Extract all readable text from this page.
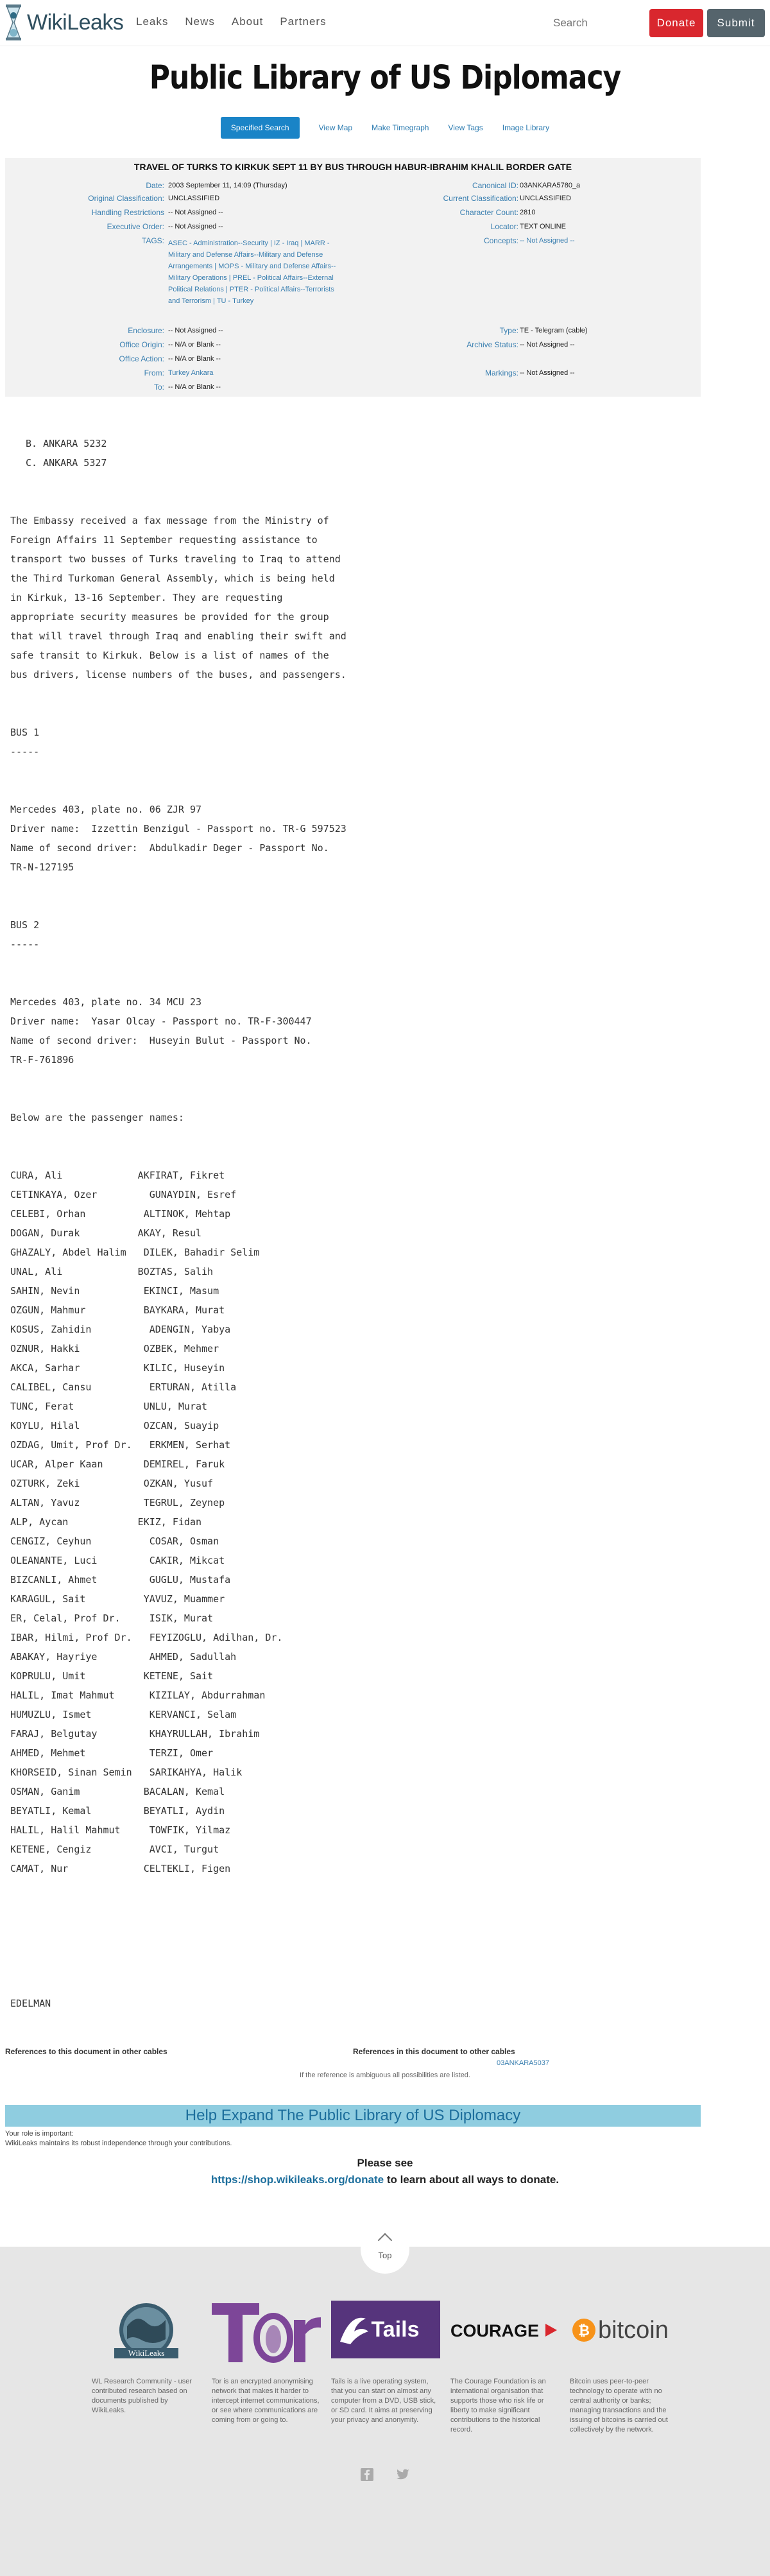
WikiLeaks Leaks News About Partners
Search	Donate	Submit
Public Library of US Diplomacy
Specified Search	View Map	Make Timegraph	View Tags	Image Library
TRAVEL OF TURKS TO KIRKUK SEPT 11 BY BUS THROUGH HABUR-IBRAHIM KHALIL BORDER GATE
Date: 2003 September 11, 14:09 (Thursday)
Original Classification: UNCLASSIFIED
Handling Restrictions -- Not Assigned --
Executive Order: -- Not Assigned --
TAGS: ASEC - Administration--Security | IZ - Iraq | MARR - Military and Defense Affairs--Military and Defense Arrangements | MOPS - Military and Defense Affairs--Military Operations | PREL - Political Affairs--External Political Relations | PTER - Political Affairs--Terrorists and Terrorism | TU - Turkey
Enclosure: -- Not Assigned --
Office Origin: -- N/A or Blank --
Office Action: -- N/A or Blank --
From: Turkey Ankara
To: -- N/A or Blank --
Canonical ID: 03ANKARA5780_a
Current Classification: UNCLASSIFIED
Character Count: 2810
Locator: TEXT ONLINE
Concepts: -- Not Assigned --
Type: TE - Telegram (cable)
Archive Status: -- Not Assigned --
Markings: -- Not Assigned --
B. ANKARA 5232
C. ANKARA 5327
The Embassy received a fax message from the Ministry of Foreign Affairs 11 September requesting assistance to transport two busses of Turks traveling to Iraq to attend the Third Turkoman General Assembly, which is being held in Kirkuk, 13-16 September. They are requesting appropriate security measures be provided for the group that will travel through Iraq and enabling their swift and safe transit to Kirkuk. Below is a list of names of the bus drivers, license numbers of the buses, and passengers.
BUS 1
-----
Mercedes 403, plate no. 06 ZJR 97
Driver name:  Izzettin Benzigul - Passport no. TR-G 597523
Name of second driver:  Abdulkadir Deger - Passport No.
TR-N-127195
BUS 2
-----
Mercedes 403, plate no. 34 MCU 23
Driver name:  Yasar Olcay - Passport no. TR-F-300447
Name of second driver:  Huseyin Bulut - Passport No.
TR-F-761896
Below are the passenger names:
CURA, Ali             AKFIRAT, Fikret
CETINKAYA, Ozer         GUNAYDIN, Esref
CELEBI, Orhan          ALTINOK, Mehtap
DOGAN, Durak          AKAY, Resul
GHAZALY, Abdel Halim   DILEK, Bahadir Selim
UNAL, Ali             BOZTAS, Salih
SAHIN, Nevin           EKINCI, Masum
OZGUN, Mahmur          BAYKARA, Murat
KOSUS, Zahidin          ADENGIN, Yabya
OZNUR, Hakki           OZBEK, Mehmer
AKCA, Sarhar           KILIC, Huseyin
CALIBEL, Cansu          ERTURAN, Atilla
TUNC, Ferat            UNLU, Murat
KOYLU, Hilal           OZCAN, Suayip
OZDAG, Umit, Prof Dr.   ERKMEN, Serhat
UCAR, Alper Kaan       DEMIREL, Faruk
OZTURK, Zeki           OZKAN, Yusuf
ALTAN, Yavuz           TEGRUL, Zeynep
ALP, Aycan            EKIZ, Fidan
CENGIZ, Ceyhun          COSAR, Osman
OLEANANTE, Luci         CAKIR, Mikcat
BIZCANLI, Ahmet         GUGLU, Mustafa
KARAGUL, Sait          YAVUZ, Muammer
ER, Celal, Prof Dr.     ISIK, Murat
IBAR, Hilmi, Prof Dr.   FEYIZOGLU, Adilhan, Dr.
ABAKAY, Hayriye         AHMED, Sadullah
KOPRULU, Umit          KETENE, Sait
HALIL, Imat Mahmut      KIZILAY, Abdurrahman
HUMUZLU, Ismet          KERVANCI, Selam
FARAJ, Belgutay         KHAYRULLAH, Ibrahim
AHMED, Mehmet           TERZI, Omer
KHORSEID, Sinan Semin   SARIKAHYA, Halik
OSMAN, Ganim           BACALAN, Kemal
BEYATLI, Kemal         BEYATLI, Aydin
HALIL, Halil Mahmut     TOWFIK, Yilmaz
KETENE, Cengiz          AVCI, Turgut
CAMAT, Nur             CELTEKLI, Figen
EDELMAN
References to this document in other cables	References in this document to other cables
03ANKARA5037
If the reference is ambiguous all possibilities are listed.
Help Expand The Public Library of US Diplomacy
Your role is important:
WikiLeaks maintains its robust independence through your contributions.
Please see
https://shop.wikileaks.org/donate to learn about all ways to donate.
Top
WikiLeaks
WL Research Community - user contributed research based on documents published by WikiLeaks.
Tor is an encrypted anonymising network that makes it harder to intercept internet communications, or see where communications are coming from or going to.
Tails
Tails is a live operating system, that you can start on almost any computer from a DVD, USB stick, or SD card. It aims at preserving your privacy and anonymity.
COURAGE
The Courage Foundation is an international organisation that supports those who risk life or liberty to make significant contributions to the historical record.
₿ bitcoin
Bitcoin uses peer-to-peer technology to operate with no central authority or banks; managing transactions and the issuing of bitcoins is carried out collectively by the network.
